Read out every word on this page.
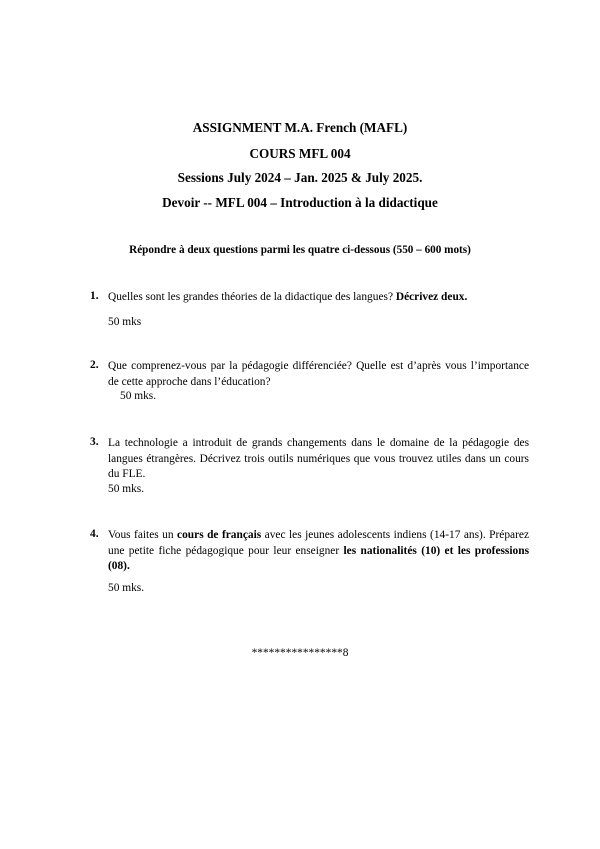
ASSIGNMENT M.A. French (MAFL)
COURS MFL 004
Sessions July 2024 – Jan. 2025 & July 2025.
Devoir -- MFL 004 – Introduction à la didactique
Répondre à deux questions parmi les quatre ci-dessous (550 – 600 mots)
1. Quelles sont les grandes théories de la didactique des langues? Décrivez deux.

50 mks
2. Que comprenez-vous par la pédagogie différenciée? Quelle est d’après vous l’importance de cette approche dans l’éducation?

50 mks.
3. La technologie a introduit de grands changements dans le domaine de la pédagogie des langues étrangères. Décrivez trois outils numériques que vous trouvez utiles dans un cours du FLE.

50 mks.
4. Vous faites un cours de français avec les jeunes adolescents indiens (14-17 ans). Préparez une petite fiche pédagogique pour leur enseigner les nationalités (10) et les professions (08).

50 mks.
****************8
